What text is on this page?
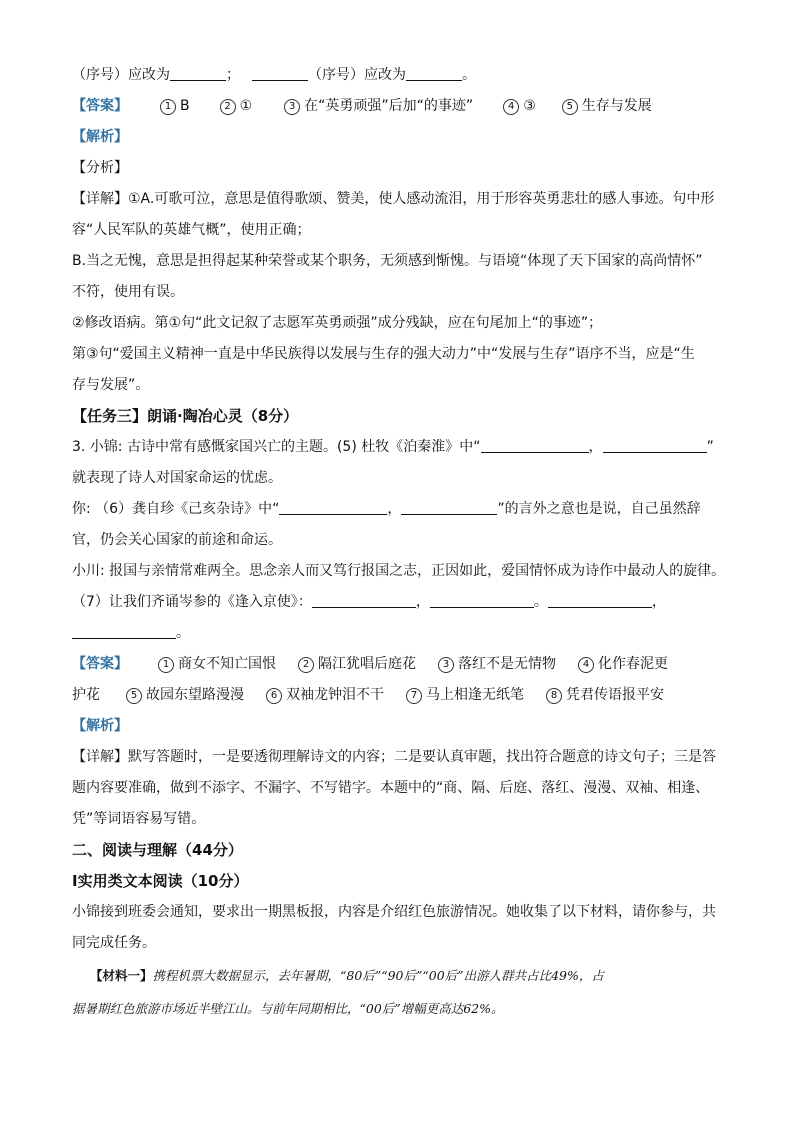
（序号）应改为	；	（序号）应改为	。

【答案】	1 B	2 ①	3 在“英勇顽强”后加“的事迹”	4 ③	5 生存与发展

【解析】

【分析】

【详解】①A.可歌可泣，意思是值得歌颂、赞美，使人感动流泪，用于形容英勇悲壮的感人事迹。句中形

容“人民军队的英雄气概”，使用正确；

B.当之无愧，意思是担得起某种荣誉或某个职务，无须感到惭愧。与语境“体现了天下国家的高尚情怀”

不符，使用有误。

②修改语病。第①句“此文记叙了志愿军英勇顽强”成分残缺，应在句尾加上“的事迹”；

第③句“爱国主义精神一直是中华民族得以发展与生存的强大动力”中“发展与生存”语序不当，应是“生

存与发展”。

【任务三】朗诵·陶冶心灵（8分）

3. 小锦: 古诗中常有感慨家国兴亡的主题。(5) 杜牧《泊秦淮》中“	，	”

就表现了诗人对国家命运的忧虑。

你: （6）龚自珍《己亥杂诗》中“	，	”的言外之意也是说，自己虽然辞

官，仍会关心国家的前途和命运。

小川: 报国与亲情常难两全。思念亲人而又笃行报国之志，正因如此，爱国情怀成为诗作中最动人的旋律。

（7）让我们齐诵岑参的《逢入京使》：	，	。	，

。

【答案】	1 商女不知亡国恨	2 隔江犹唱后庭花	3 落红不是无情物	4 化作春泥更

护花	5 故园东望路漫漫	6 双袖龙钟泪不干	7 马上相逢无纸笔	8 凭君传语报平安

【解析】

【详解】默写答题时，一是要透彻理解诗文的内容；二是要认真审题，找出符合题意的诗文句子；三是答

题内容要准确，做到不添字、不漏字、不写错字。本题中的“商、隔、后庭、落红、漫漫、双袖、相逢、

凭”等词语容易写错。

二、阅读与理解（44分）

Ⅰ实用类文本阅读（10分）

小锦接到班委会通知，要求出一期黑板报，内容是介绍红色旅游情况。她收集了以下材料，请你参与，共

同完成任务。

【材料一】携程机票大数据显示，去年暑期，“80后”“90后”“00后”出游人群共占比49%，占

据暑期红色旅游市场近半壁江山。与前年同期相比，“00后”增幅更高达62%。
